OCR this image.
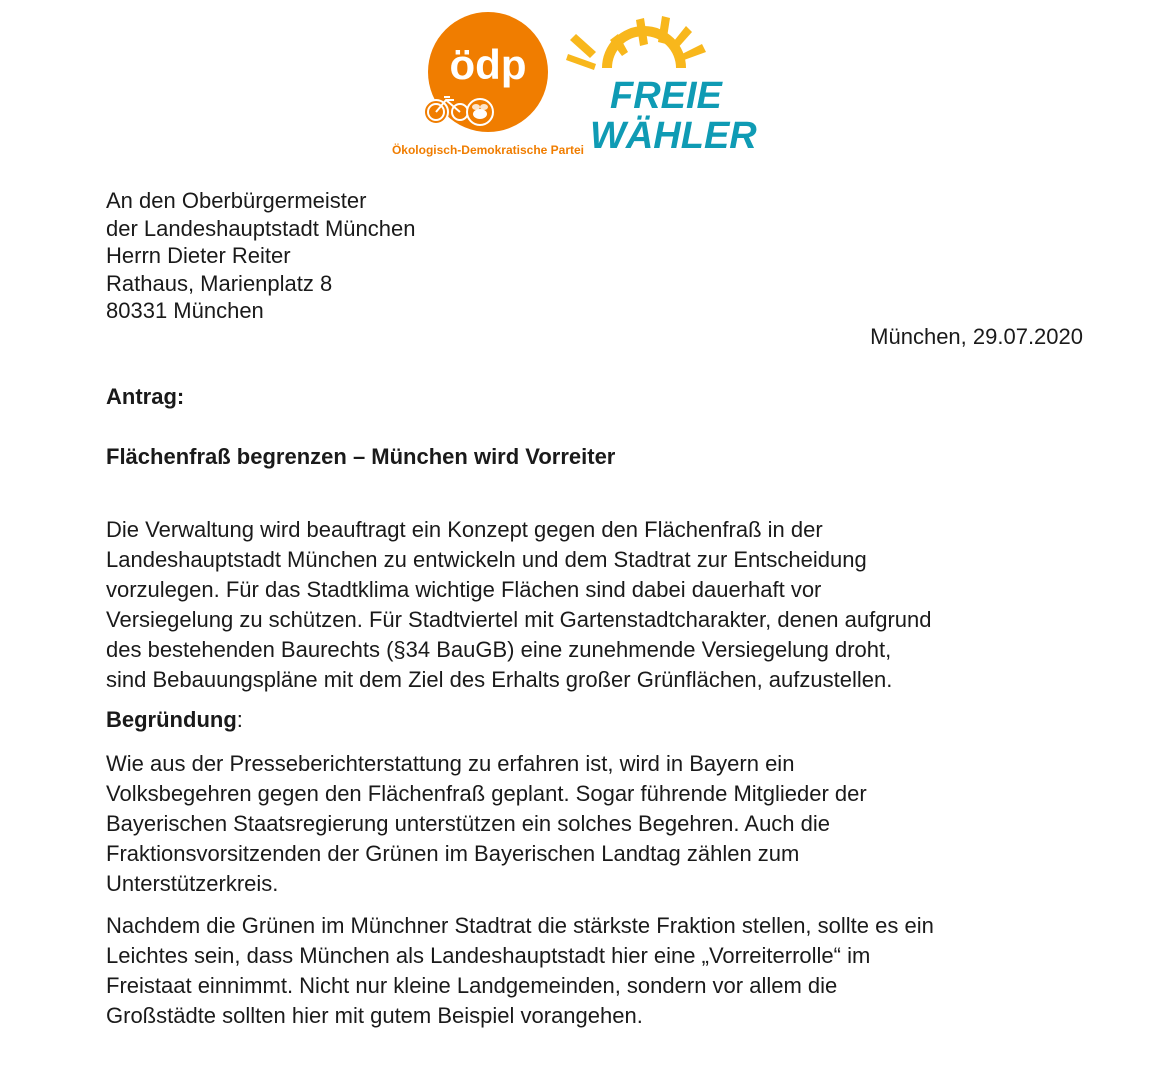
ödp
Ökologisch-Demokratische Partei
FREIE
WÄHLER
An den Oberbürgermeister
der Landeshauptstadt München
Herrn Dieter Reiter
Rathaus, Marienplatz 8
80331 München
München, 29.07.2020
Antrag:
Flächenfraß begrenzen – München wird Vorreiter
Die Verwaltung wird beauftragt ein Konzept gegen den Flächenfraß in der
Landeshauptstadt München zu entwickeln und dem Stadtrat zur Entscheidung
vorzulegen. Für das Stadtklima wichtige Flächen sind dabei dauerhaft vor
Versiegelung zu schützen. Für Stadtviertel mit Gartenstadtcharakter, denen aufgrund
des bestehenden Baurechts (§34 BauGB) eine zunehmende Versiegelung droht,
sind Bebauungspläne mit dem Ziel des Erhalts großer Grünflächen, aufzustellen.
Begründung:
Wie aus der Presseberichterstattung zu erfahren ist, wird in Bayern ein
Volksbegehren gegen den Flächenfraß geplant. Sogar führende Mitglieder der
Bayerischen Staatsregierung unterstützen ein solches Begehren. Auch die
Fraktionsvorsitzenden der Grünen im Bayerischen Landtag zählen zum
Unterstützerkreis.
Nachdem die Grünen im Münchner Stadtrat die stärkste Fraktion stellen, sollte es ein
Leichtes sein, dass München als Landeshauptstadt hier eine „Vorreiterrolle“ im
Freistaat einnimmt. Nicht nur kleine Landgemeinden, sondern vor allem die
Großstädte sollten hier mit gutem Beispiel vorangehen.
